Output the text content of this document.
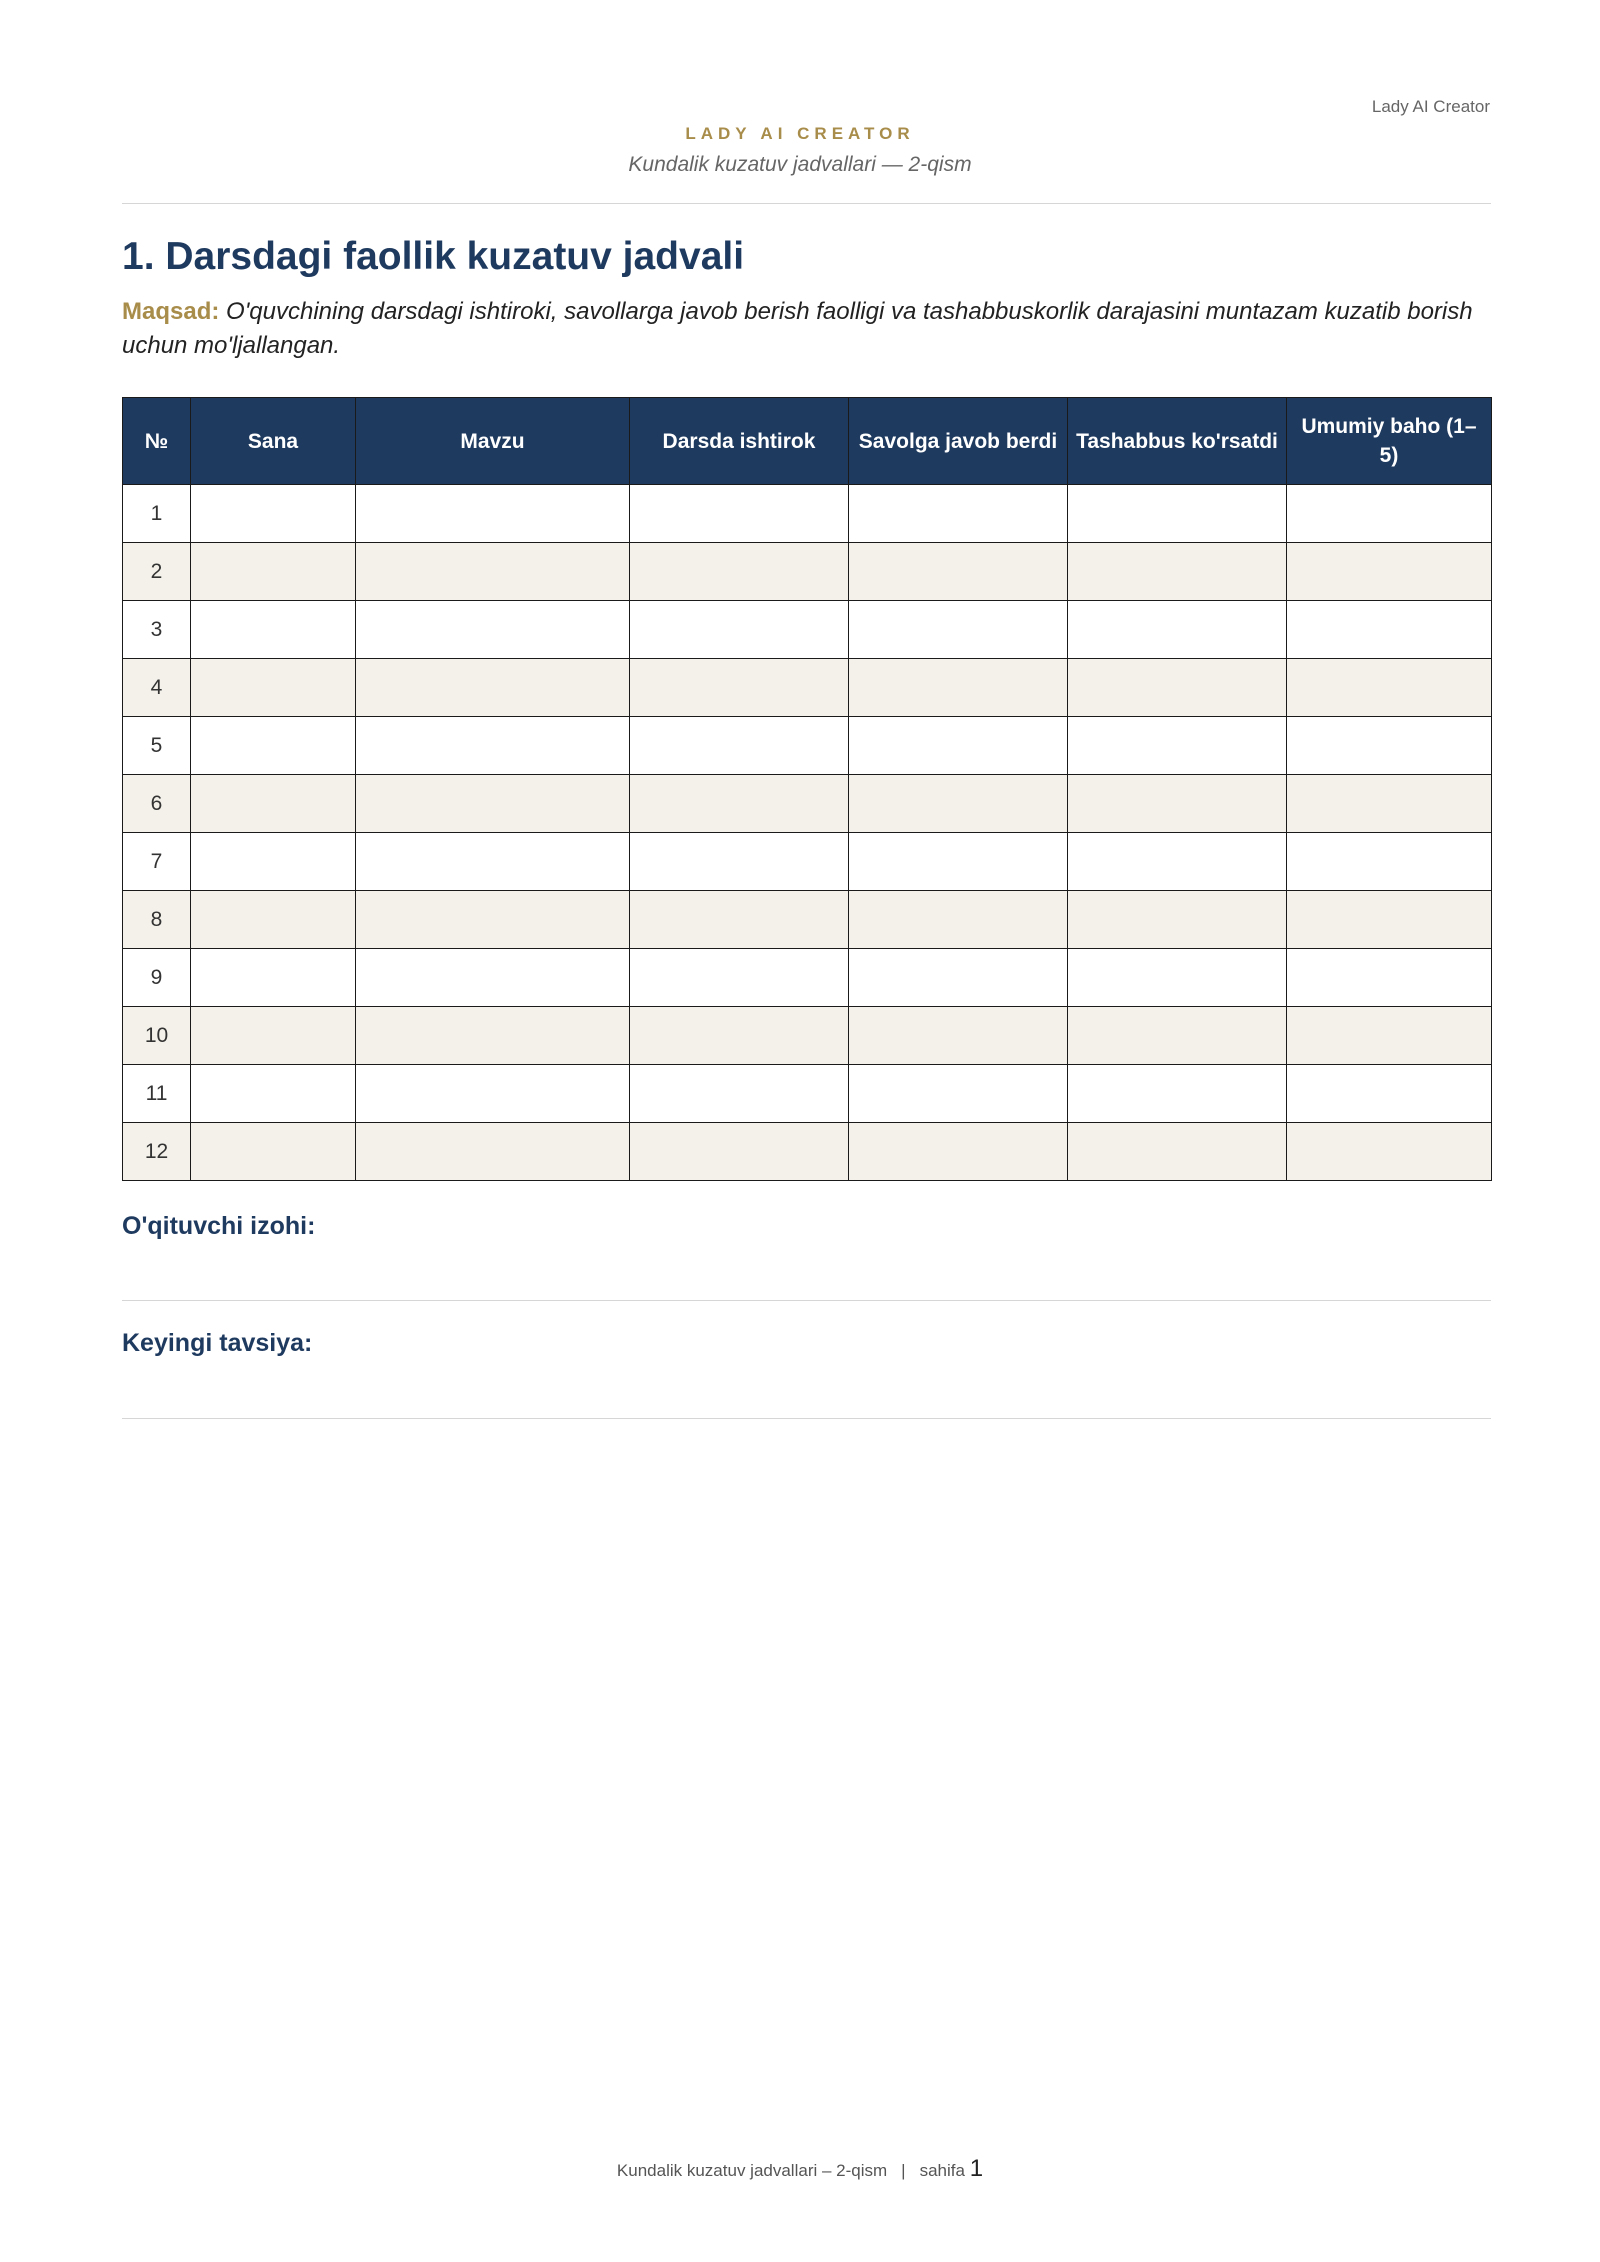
Lady AI Creator
LADY AI CREATOR
Kundalik kuzatuv jadvallari — 2-qism
1. Darsdagi faollik kuzatuv jadvali
Maqsad: O'quvchining darsdagi ishtiroki, savollarga javob berish faolligi va tashabbuskorlik darajasini muntazam kuzatib borish uchun mo'ljallangan.
№	Sana	Mavzu	Darsda ishtirok	Savolga javob berdi	Tashabbus ko'rsatdi	Umumiy baho (1–5)
1						
2						
3						
4						
5						
6						
7						
8						
9						
10						
11						
12						
O'qituvchi izohi:
Keyingi tavsiya:
Kundalik kuzatuv jadvallari – 2-qism | sahifa 1
